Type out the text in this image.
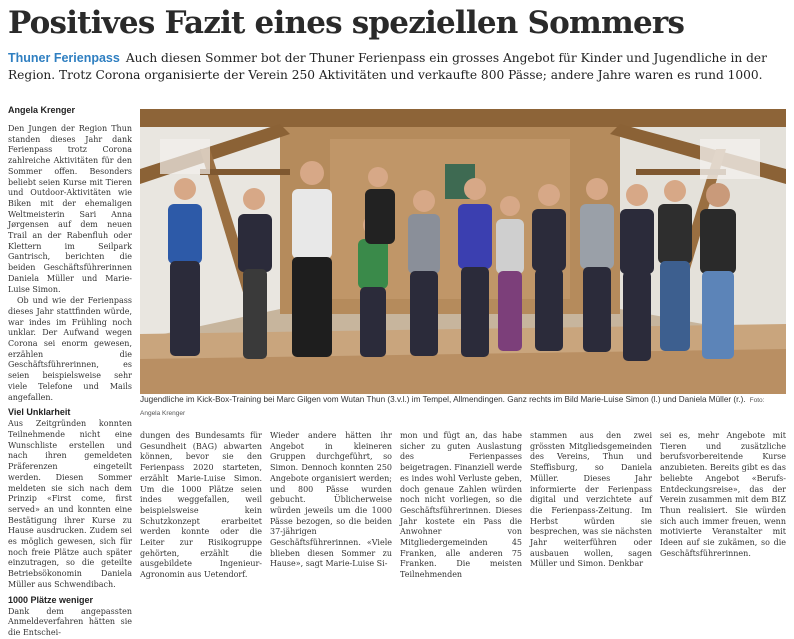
Positives Fazit eines speziellen Sommers
Thuner Ferienpass Auch diesen Sommer bot der Thuner Ferienpass ein grosses Angebot für Kinder und Jugendliche in der Region. Trotz Corona organisierte der Verein 250 Aktivitäten und verkaufte 800 Pässe; andere Jahre waren es rund 1000.
Angela Krenger

Den Jungen der Region Thun standen dieses Jahr dank Ferienpass trotz Corona zahlreiche Aktivitäten für den Sommer offen. Besonders beliebt seien Kurse mit Tieren und Outdoor-Aktivitäten wie Biken mit der ehemaligen Weltmeisterin Sari Anna Jørgensen auf dem neuen Trail an der Rabenfluh oder Klettern im Seilpark Gantrisch, berichten die beiden Geschäftsführerinnen Daniela Müller und Marie-Luise Simon.

Ob und wie der Ferienpass dieses Jahr stattfinden würde, war indes im Frühling noch unklar. Der Aufwand wegen Corona sei enorm gewesen, erzählen die Geschäftsführerinnen, es seien beispielsweise sehr viele Telefone und Mails angefallen.

Viel Unklarheit

Aus Zeitgründen konnten Teilnehmende nicht eine Wunschliste erstellen und nach ihren gemeldeten Präferenzen eingeteilt werden. Diesen Sommer meldeten sie sich nach dem Prinzip «First come, first served» an und konnten eine Bestätigung ihrer Kurse zu Hause ausdrucken. Zudem sei es möglich gewesen, sich für noch freie Plätze auch später einzutragen, so die geteilte Betriebsökonomin Daniela Müller aus Schwendibach.

1000 Plätze weniger

Dank dem angepassten Anmeldeverfahren hätten sie die Entschei-

Jugendliche im Kick-Box-Training bei Marc Gilgen vom Wutan Thun (3.v.l.) im Tempel, Allmendingen. Ganz rechts im Bild Marie-Luise Simon (l.) und Daniela Müller (r.). Foto: Angela Krenger

dungen des Bundesamts für Gesundheit (BAG) abwarten können, bevor sie den Ferienpass 2020 starteten, erzählt Marie-Luise Simon. Um die 1000 Plätze seien indes weggefallen, weil beispielsweise kein Schutzkonzept erarbeitet werden konnte oder die Leiter zur Risikogruppe gehörten, erzählt die ausgebildete Ingenieur-Agronomin aus Uetendorf.

Wieder andere hätten ihr Angebot in kleineren Gruppen durchgeführt, so Simon. Dennoch konnten 250 Angebote organisiert werden; und 800 Pässe wurden gebucht. Üblicherweise würden jeweils um die 1000 Pässe bezogen, so die beiden 37-jährigen Geschäftsführerinnen. «Viele blieben diesen Sommer zu Hause», sagt Marie-Luise Si-

mon und fügt an, das habe sicher zu guten Auslastung des Ferienpasses beigetragen. Finanziell werde es indes wohl Verluste geben, doch genaue Zahlen würden noch nicht vorliegen, so die Geschäftsführerinnen. Dieses Jahr kostete ein Pass die Anwohner von Mitgliedergemeinden 45 Franken, alle anderen 75 Franken. Die meisten Teilnehmenden

stammen aus den zwei grössten Mitgliedsgemeinden des Vereins, Thun und Steffisburg, so Daniela Müller. Dieses Jahr informierte der Ferienpass digital und verzichtete auf die Ferienpass-Zeitung. Im Herbst würden sie besprechen, was sie nächsten Jahr weiterführen oder ausbauen wollen, sagen Müller und Simon. Denkbar

sei es, mehr Angebote mit Tieren und zusätzliche berufsvorbereitende Kurse anzubieten. Bereits gibt es das beliebte Angebot «Berufs-Entdeckungsreise», das der Verein zusammen mit dem BIZ Thun realisiert. Sie würden sich auch immer freuen, wenn motivierte Veranstalter mit Ideen auf sie zukämen, so die Geschäftsführerinnen.
